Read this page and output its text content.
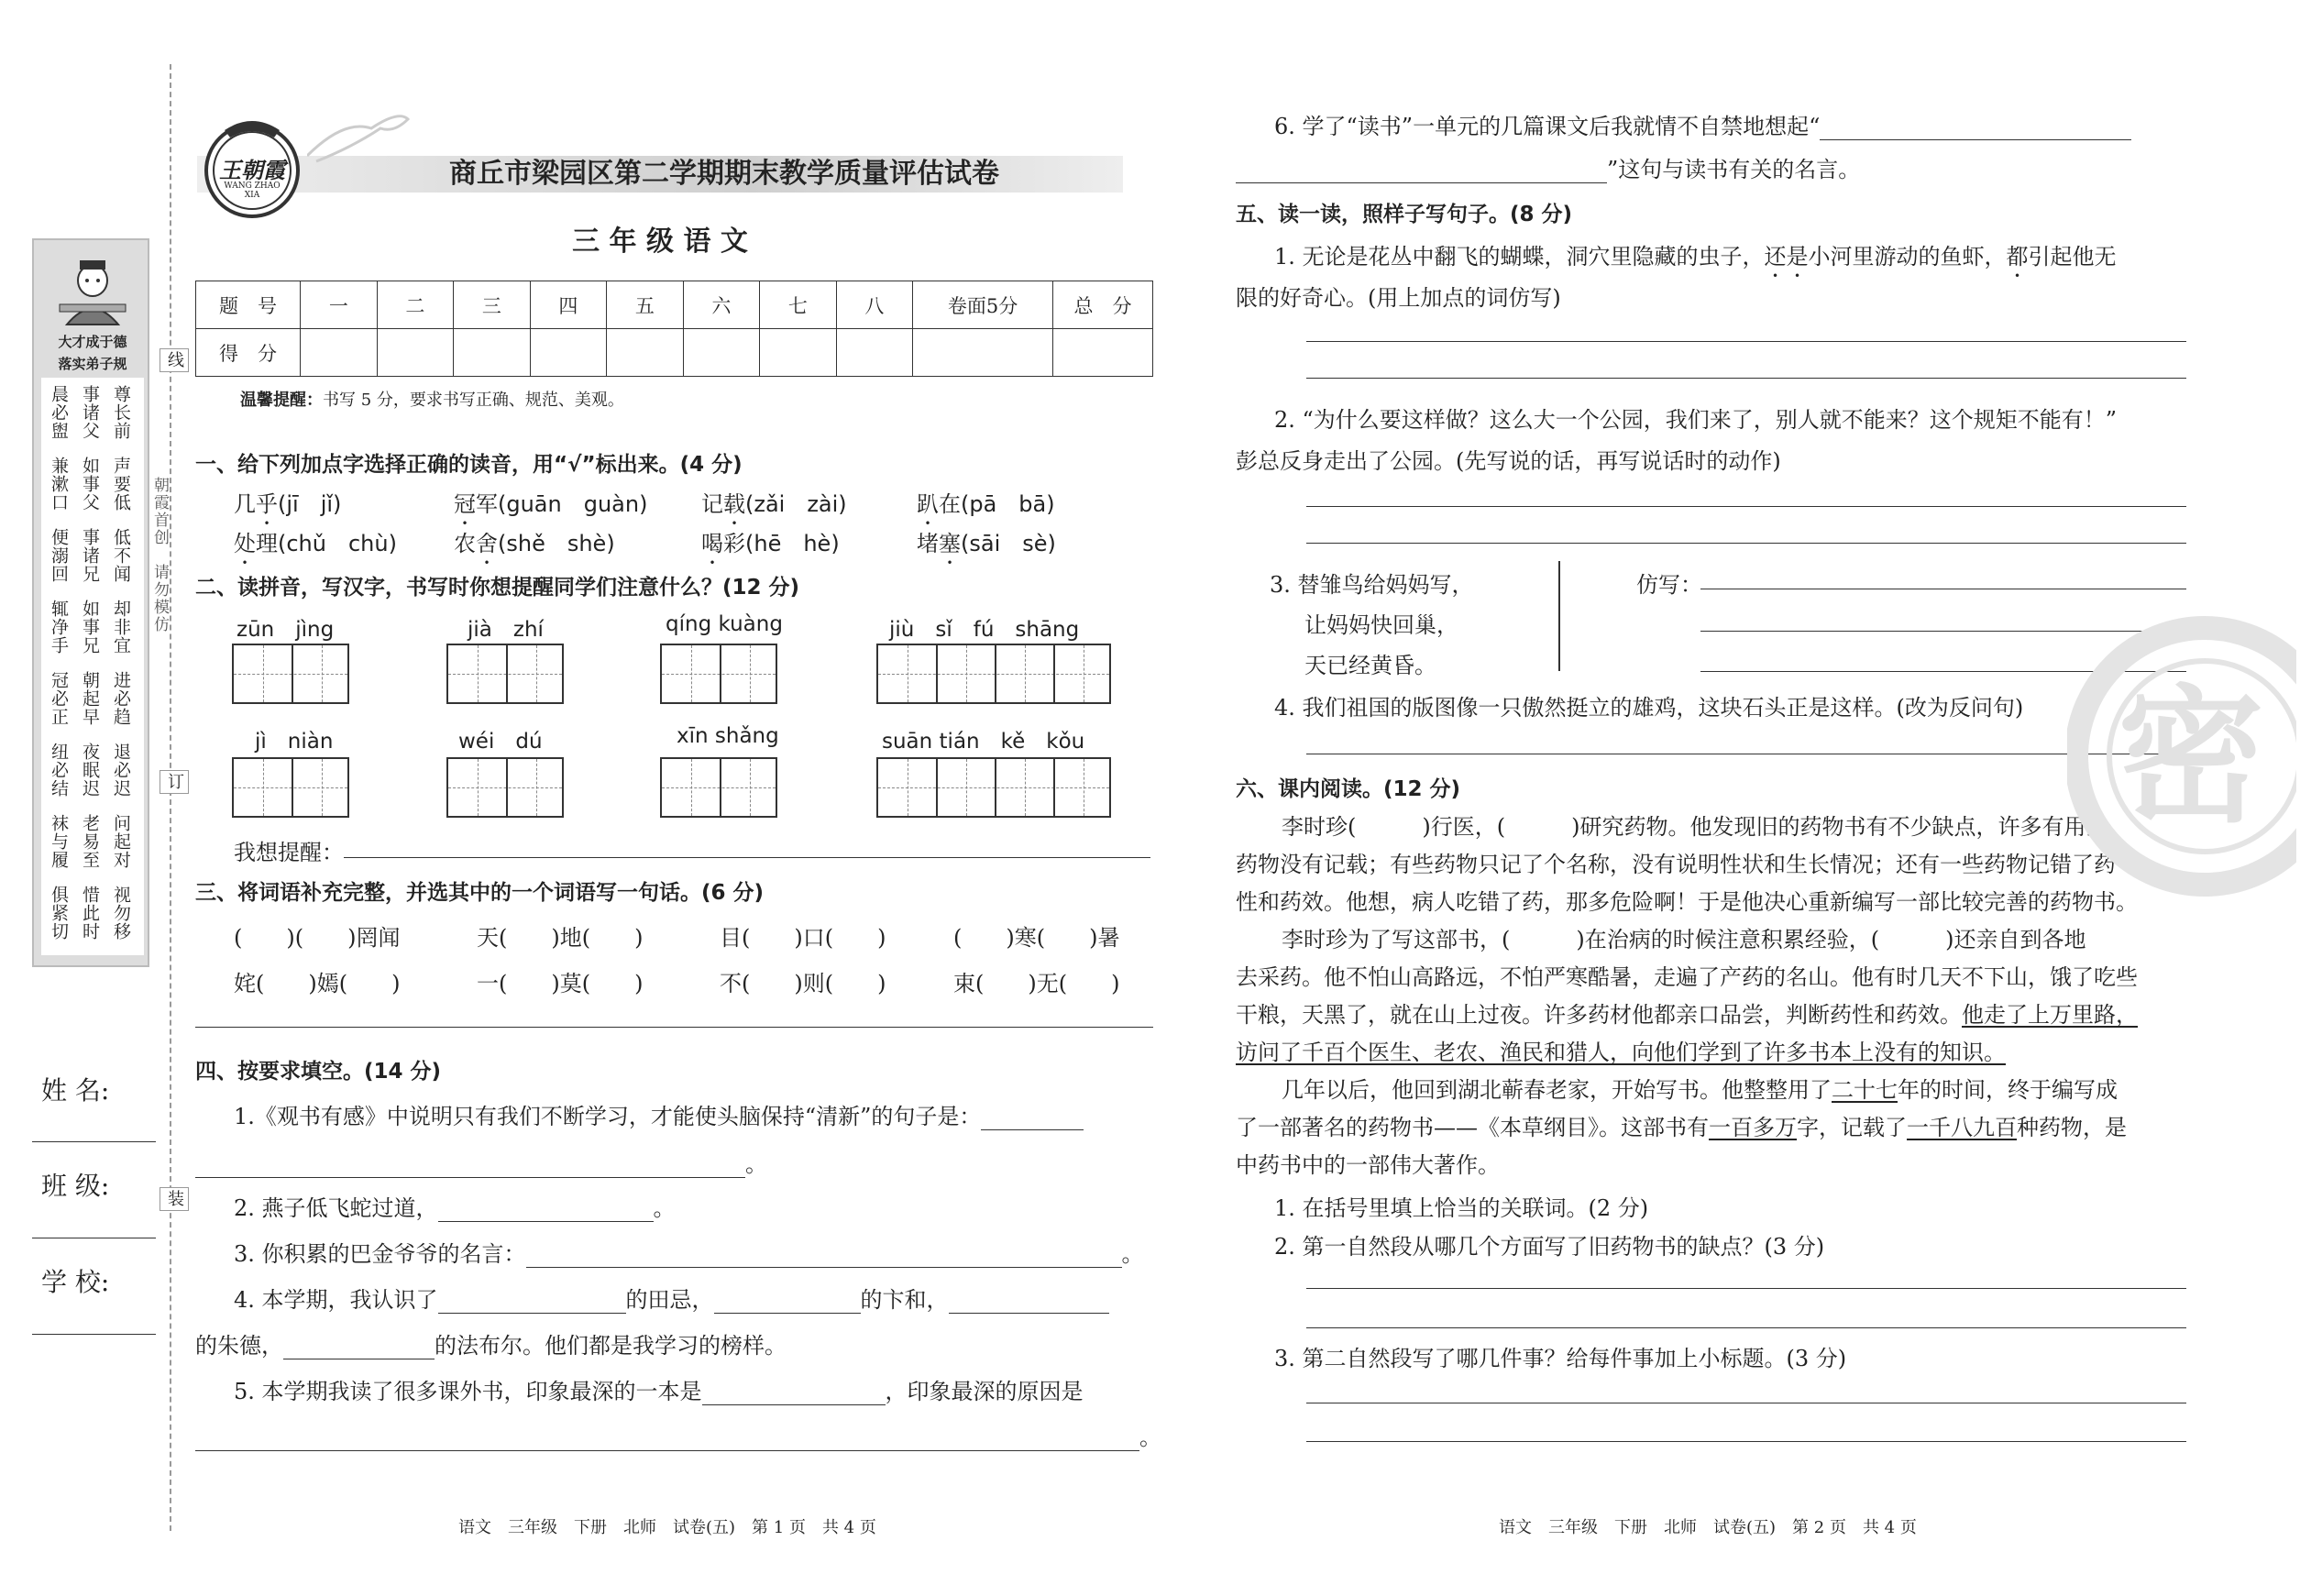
线
订
装
朝霞首创　请勿模仿
大才成于德
落实弟子规
晨必盥 事诸父 尊长前
兼漱口 如事父 声要低
便溺回 事诸兄 低不闻
辄净手 如事兄 却非宜
冠必正 朝起早 进必趋
纽必结 夜眠迟 退必迟
袜与履 老易至 问起对
俱紧切 惜此时 视勿移
姓 名:
班 级:
学 校:
王朝霞
WANG ZHAO XIA
商丘市梁园区第二学期期末教学质量评估试卷
三 年 级 语 文
题　号	一	二	三	四	五	六	七	八	卷面5分	总　分
得　分										
温馨提醒：书写 5 分，要求书写正确、规范、美观。
一、给下列加点字选择正确的读音，用“√”标出来。(4 分)
几乎(jī　jǐ)	冠军(guān　guàn) 记载(zǎi　zài)	趴在(pā　bā)
处理(chǔ　chù)	农舍(shě　shè)	喝彩(hē　hè)	堵塞(sāi　sè)
二、读拼音，写汉字，书写时你想提醒同学们注意什么？(12 分)
zūn　jìng	jià　zhí	qíng kuàng	jiù　sǐ　fú　shāng
jì　niàn	wéi　dú	xīn shǎng	suān tián　kě　kǒu
我想提醒：
三、将词语补充完整，并选其中的一个词语写一句话。(6 分)
(　　)(　　)罔闻	天(　　)地(　　)	目(　　)口(　　)	(　　)寒(　　)暑
姹(　　)嫣(　　)	一(　　)莫(　　)	不(　　)则(　　)	束(　　)无(　　)
四、按要求填空。(14 分)
1.《观书有感》中说明只有我们不断学习，才能使头脑保持“清新”的句子是：
。
2. 燕子低飞蛇过道，	。
3. 你积累的巴金爷爷的名言：	。
4. 本学期，我认识了	的田忌，	的卞和，
的朱德，	的法布尔。他们都是我学习的榜样。
5. 本学期我读了很多课外书，印象最深的一本是	，印象最深的原因是
。
语文　三年级　下册　北师　试卷(五)　第 1 页　共 4 页
6. 学了“读书”一单元的几篇课文后我就情不自禁地想起“
”这句与读书有关的名言。
五、读一读，照样子写句子。(8 分)
1. 无论是花丛中翻飞的蝴蝶，洞穴里隐藏的虫子，还是小河里游动的鱼虾，都引起他无
限的好奇心。(用上加点的词仿写)
2. “为什么要这样做？这么大一个公园，我们来了，别人就不能来？这个规矩不能有！”
彭总反身走出了公园。(先写说的话，再写说话时的动作)
3. 替雏鸟给妈妈写，
让妈妈快回巢，
天已经黄昏。
仿写：
4. 我们祖国的版图像一只傲然挺立的雄鸡，这块石头正是这样。(改为反问句)
六、课内阅读。(12 分)
李时珍(　　　)行医，(　　　)研究药物。他发现旧的药物书有不少缺点，许多有用的
药物没有记载；有些药物只记了个名称，没有说明性状和生长情况；还有一些药物记错了药
性和药效。他想，病人吃错了药，那多危险啊！于是他决心重新编写一部比较完善的药物书。
李时珍为了写这部书，(　　　)在治病的时候注意积累经验，(　　　)还亲自到各地
去采药。他不怕山高路远，不怕严寒酷暑，走遍了产药的名山。他有时几天不下山，饿了吃些
干粮，天黑了，就在山上过夜。许多药材他都亲口品尝，判断药性和药效。他走了上万里路，
访问了千百个医生、老农、渔民和猎人，向他们学到了许多书本上没有的知识。
几年以后，他回到湖北蕲春老家，开始写书。他整整用了二十七年的时间，终于编写成
了一部著名的药物书——《本草纲目》。这部书有一百多万字，记载了一千八九百种药物，是
中药书中的一部伟大著作。
1. 在括号里填上恰当的关联词。(2 分)
2. 第一自然段从哪几个方面写了旧药物书的缺点？(3 分)
3. 第二自然段写了哪几件事？给每件事加上小标题。(3 分)
语文　三年级　下册　北师　试卷(五)　第 2 页　共 4 页
密
